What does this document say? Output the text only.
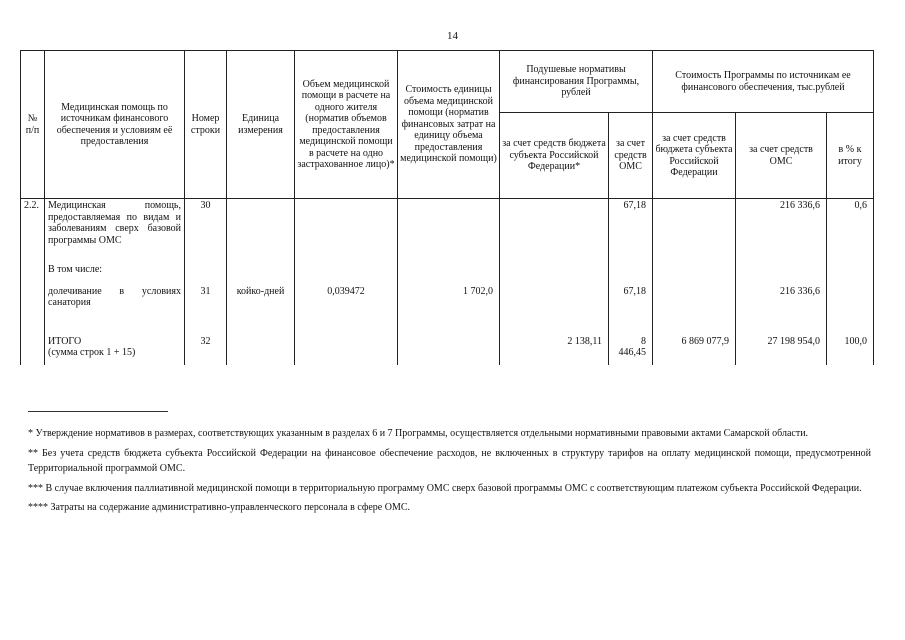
14
№ п/п	Медицинская помощь по источникам финансового обеспечения и условиям её предоставления	Номер строки	Единица измерения	Объем медицинской помощи в расчете на одного жителя (норматив объемов предоставления медицинской помощи в расчете на одно застрахованное лицо)*	Стоимость единицы объема медицинской помощи (норматив финансовых затрат на единицу объема предоставления медицинской помощи)	Подушевые нормативы финансирования Программы, рублей		Стоимость Программы по источникам ее финансового обеспечения, тыс.рублей		
						за счет средств бюджета субъекта Российской Федерации*	за счет средств ОМС	за счет средств бюджета субъекта Российской Федерации	за счет средств ОМС	в % к итогу
2.2.	Медицинская помощь, предоставляемая по видам и заболеваниям сверх базовой программы ОМС	30					67,18		216 336,6	0,6
	В том числе:									
	долечивание в условиях санатория	31	койко-дней	0,039472	1 702,0		67,18		216 336,6	
	ИТОГО
(сумма строк 1 + 15)	32				2 138,11	8 446,45	6 869 077,9	27 198 954,0	100,0

* Утверждение нормативов в размерах, соответствующих указанным в разделах 6 и 7 Программы, осуществляется отдельными нормативными правовыми актами Самарской области.

** Без учета средств бюджета субъекта Российской Федерации на финансовое обеспечение расходов, не включенных в структуру тарифов на оплату медицинской помощи, предусмотренной Территориальной программой ОМС.

*** В случае включения паллиативной медицинской помощи в территориальную программу ОМС сверх базовой программы ОМС с соответствующим платежом субъекта Российской Федерации.

**** Затраты на содержание административно-управленческого персонала в сфере ОМС.
